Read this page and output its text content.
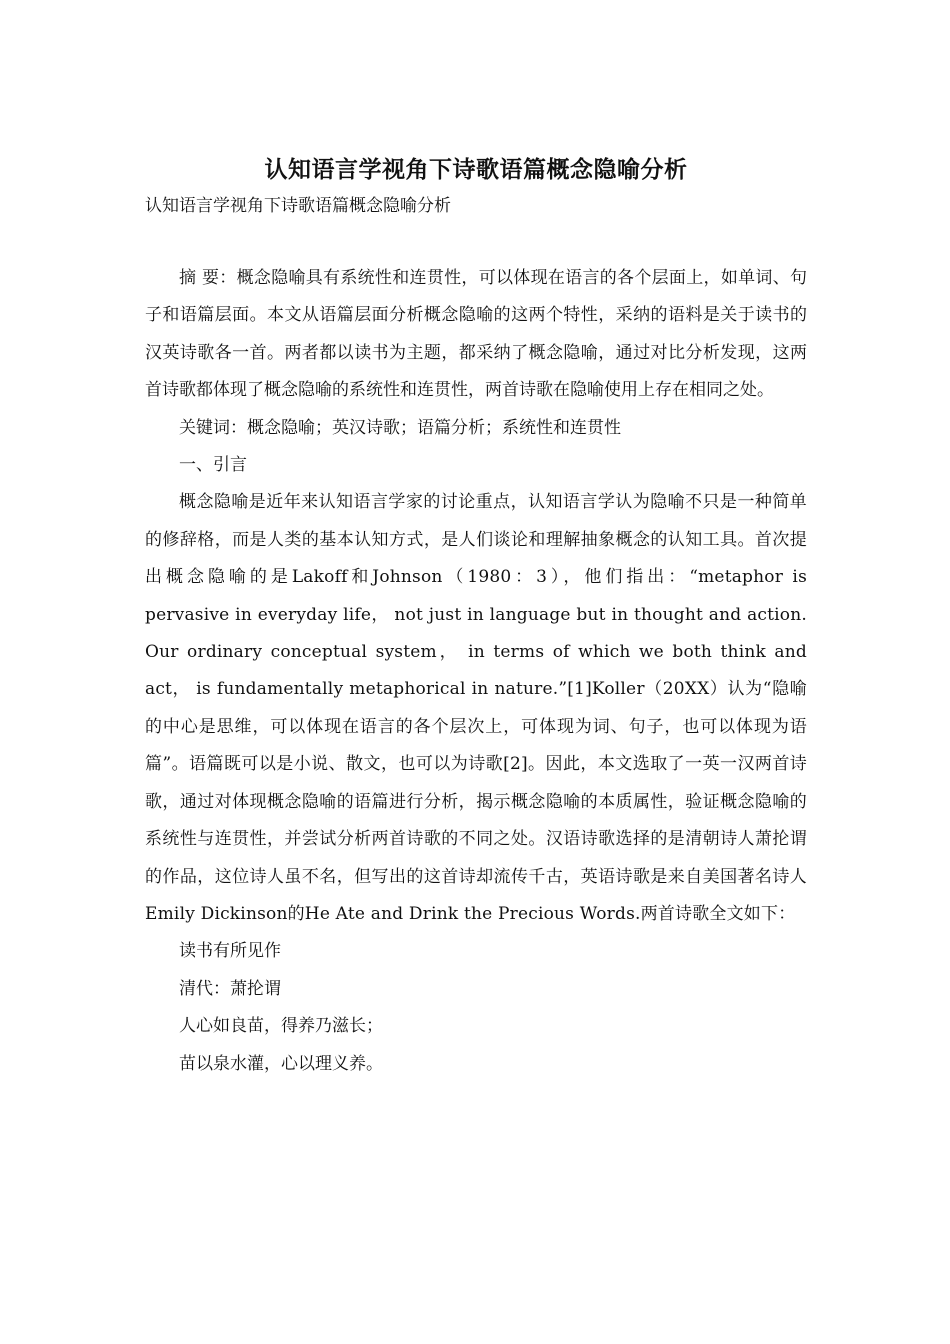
认知语言学视角下诗歌语篇概念隐喻分析

认知语言学视角下诗歌语篇概念隐喻分析

摘 要：概念隐喻具有系统性和连贯性，可以体现在语言的各个层面上，如单词、句子和语篇层面。本文从语篇层面分析概念隐喻的这两个特性，采纳的语料是关于读书的汉英诗歌各一首。两者都以读书为主题，都采纳了概念隐喻，通过对比分析发现，这两首诗歌都体现了概念隐喻的系统性和连贯性，两首诗歌在隐喻使用上存在相同之处。

关键词：概念隐喻；英汉诗歌；语篇分析；系统性和连贯性

一、引言

概念隐喻是近年来认知语言学家的讨论重点，认知语言学认为隐喻不只是一种简单的修辞格，而是人类的基本认知方式，是人们谈论和理解抽象概念的认知工具。首次提出概念隐喻的是Lakoff和Johnson（1980：3），他们指出：“metaphor is pervasive in everyday life， not just in language but in thought and action. Our ordinary conceptual system， in terms of which we both think and act， is fundamentally metaphorical in nature.”[1]Koller（20XX）认为“隐喻的中心是思维，可以体现在语言的各个层次上，可体现为词、句子，也可以体现为语篇”。语篇既可以是小说、散文，也可以为诗歌[2]。因此，本文选取了一英一汉两首诗歌，通过对体现概念隐喻的语篇进行分析，揭示概念隐喻的本质属性，验证概念隐喻的系统性与连贯性，并尝试分析两首诗歌的不同之处。汉语诗歌选择的是清朝诗人萧抡谓的作品，这位诗人虽不名，但写出的这首诗却流传千古，英语诗歌是来自美国著名诗人Emily Dickinson的He Ate and Drink the Precious Words.两首诗歌全文如下：

读书有所见作

清代：萧抡谓

人心如良苗，得养乃滋长；

苗以泉水灌，心以理义养。
